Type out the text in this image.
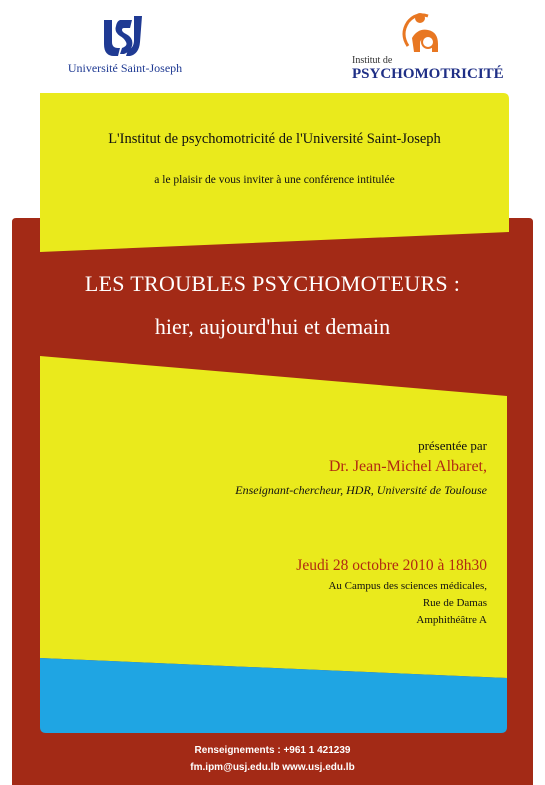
Université Saint-Joseph
Institut de
PSYCHOMOTRICITÉ
L'Institut de psychomotricité de l'Université Saint-Joseph
a le plaisir de vous inviter à une conférence intitulée
LES TROUBLES PSYCHOMOTEURS :
hier, aujourd'hui et demain
présentée par
Dr. Jean-Michel Albaret,
Enseignant-chercheur, HDR, Université de Toulouse
Jeudi 28 octobre 2010 à 18h30
Au Campus des sciences médicales,
Rue de Damas
Amphithéâtre A
Renseignements : +961 1 421239
fm.ipm@usj.edu.lb www.usj.edu.lb
